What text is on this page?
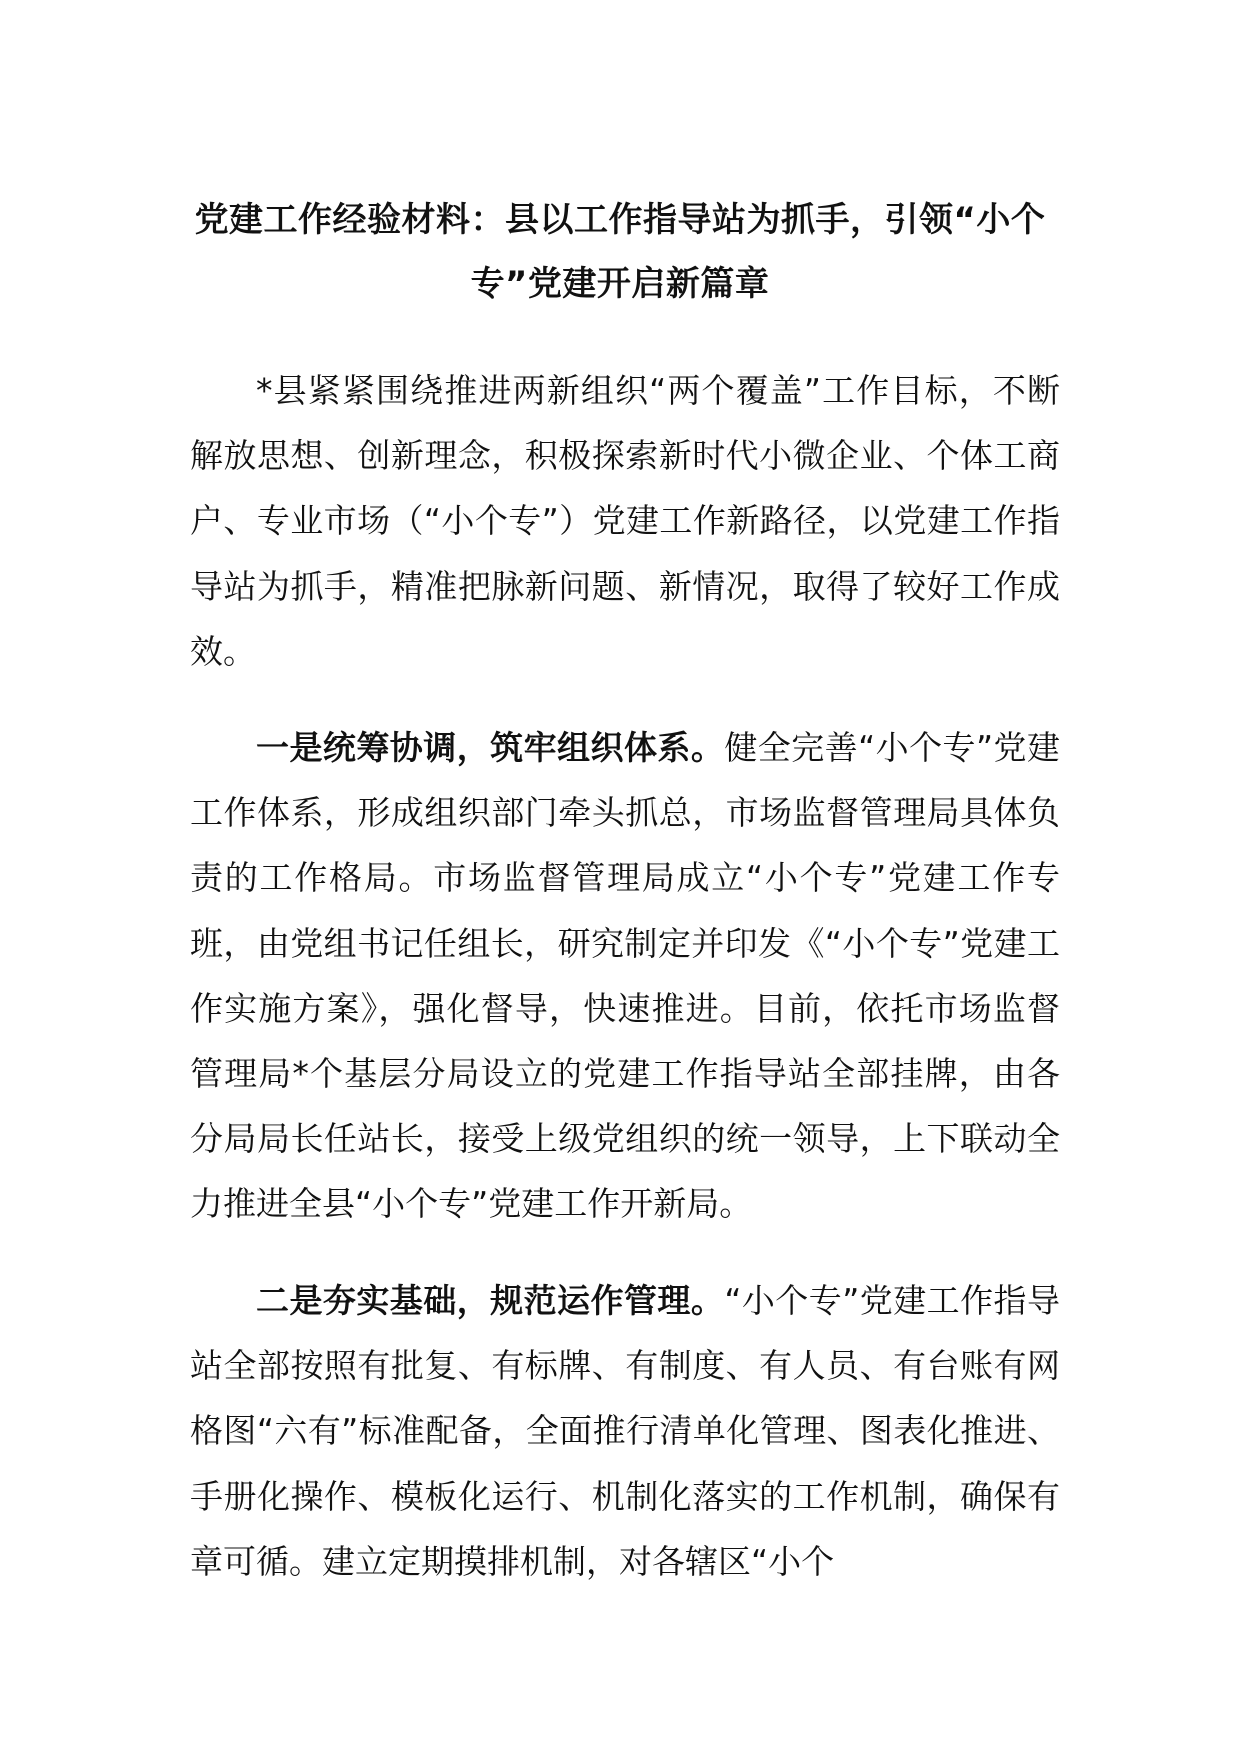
党建工作经验材料：县以工作指导站为抓手，引领“小个专”党建开启新篇章

*县紧紧围绕推进两新组织“两个覆盖”工作目标，不断解放思想、创新理念，积极探索新时代小微企业、个体工商户、专业市场（“小个专”）党建工作新路径，以党建工作指导站为抓手，精准把脉新问题、新情况，取得了较好工作成效。

一是统筹协调，筑牢组织体系。健全完善“小个专”党建工作体系，形成组织部门牵头抓总，市场监督管理局具体负责的工作格局。市场监督管理局成立“小个专”党建工作专班，由党组书记任组长，研究制定并印发《“小个专”党建工作实施方案》，强化督导，快速推进。目前，依托市场监督管理局*个基层分局设立的党建工作指导站全部挂牌，由各分局局长任站长，接受上级党组织的统一领导，上下联动全力推进全县“小个专”党建工作开新局。

二是夯实基础，规范运作管理。“小个专”党建工作指导站全部按照有批复、有标牌、有制度、有人员、有台账有网格图“六有”标准配备，全面推行清单化管理、图表化推进、手册化操作、模板化运行、机制化落实的工作机制，确保有章可循。建立定期摸排机制，对各辖区“小个
